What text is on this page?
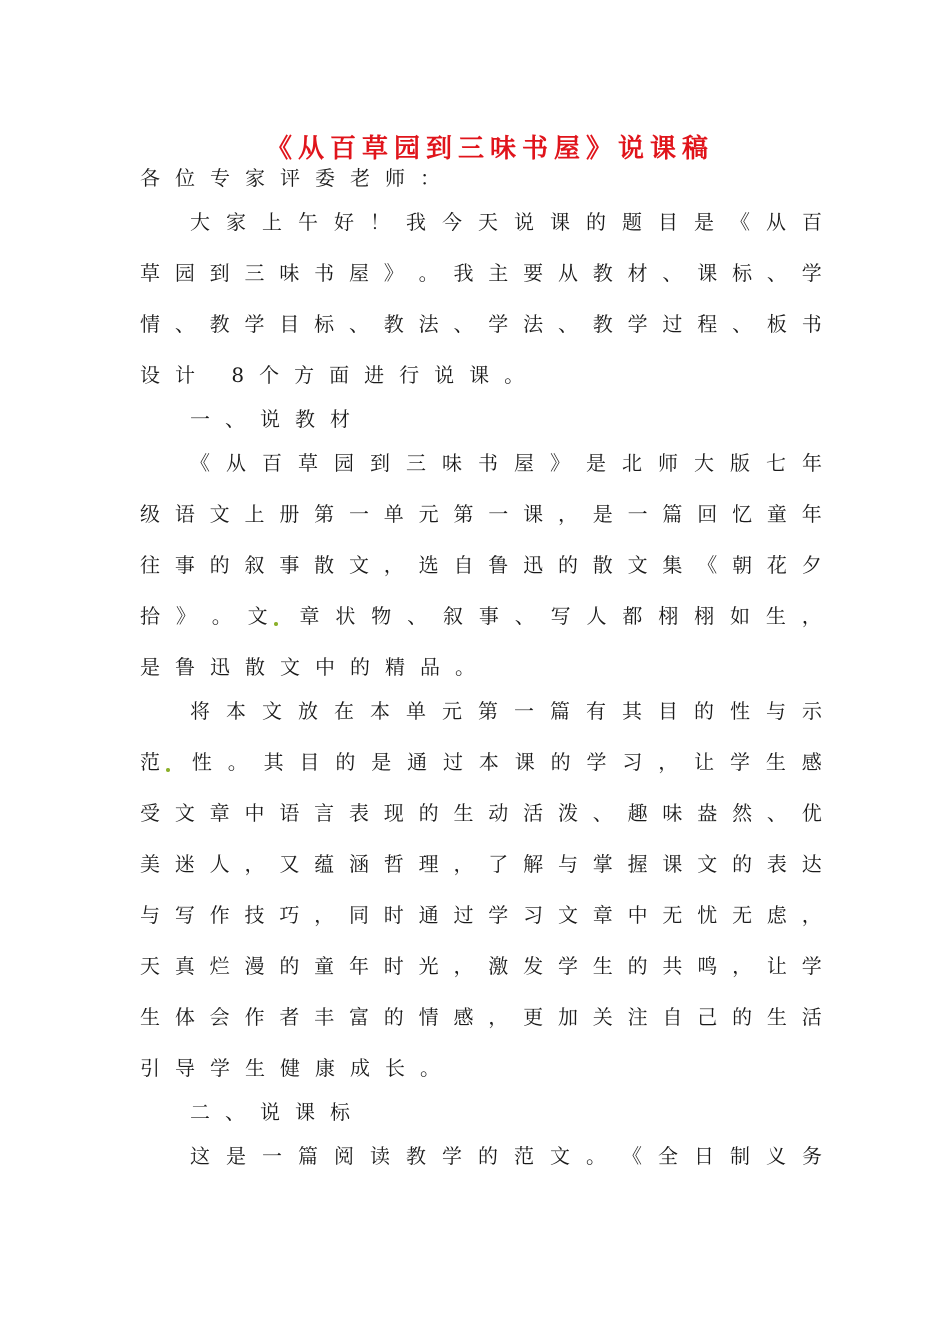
《从百草园到三味书屋》说课稿
各位专家评委老师：
大 家 上 午 好 ！ 我 今 天 说 课 的 题 目 是 《 从 百
草 园 到 三 味 书 屋 》 。 我 主 要 从 教 材 、 课 标 、 学
情 、 教 学 目 标 、 教 法 、 学 法 、 教 学 过 程 、 板 书
设计 8个方面进行说课。
一、说教材
《 从 百 草 园 到 三 味 书 屋 》 是 北 师 大 版 七 年
级 语 文 上 册 第 一 单 元 第 一 课 ， 是 一 篇 回 忆 童 年
往 事 的 叙 事 散 文 ， 选 自 鲁 迅 的 散 文 集 《 朝 花 夕
拾 》 。 文	章 状 物 、 叙 事 、 写 人 都 栩 栩 如 生 ，
是鲁迅散文中的精品。
将 本 文 放 在 本 单 元 第 一 篇 有 其 目 的 性 与 示
范	性 。 其 目 的 是 通 过 本 课 的 学 习 ， 让 学 生 感
受 文 章 中 语 言 表 现 的 生 动 活 泼 、 趣 味 盎 然 、 优
美 迷 人 ， 又 蕴 涵 哲 理 ， 了 解 与 掌 握 课 文 的 表 达
与 写 作 技 巧 ， 同 时 通 过 学 习 文 章 中 无 忧 无 虑 ，
天 真 烂 漫 的 童 年 时 光 ， 激 发 学 生 的 共 鸣 ， 让 学
生 体 会 作 者 丰 富 的 情 感 ， 更 加 关 注 自 己 的 生 活
引导学生健康成长。
二、说课标
这 是 一 篇 阅 读 教 学 的 范 文 。 《 全 日 制 义 务
